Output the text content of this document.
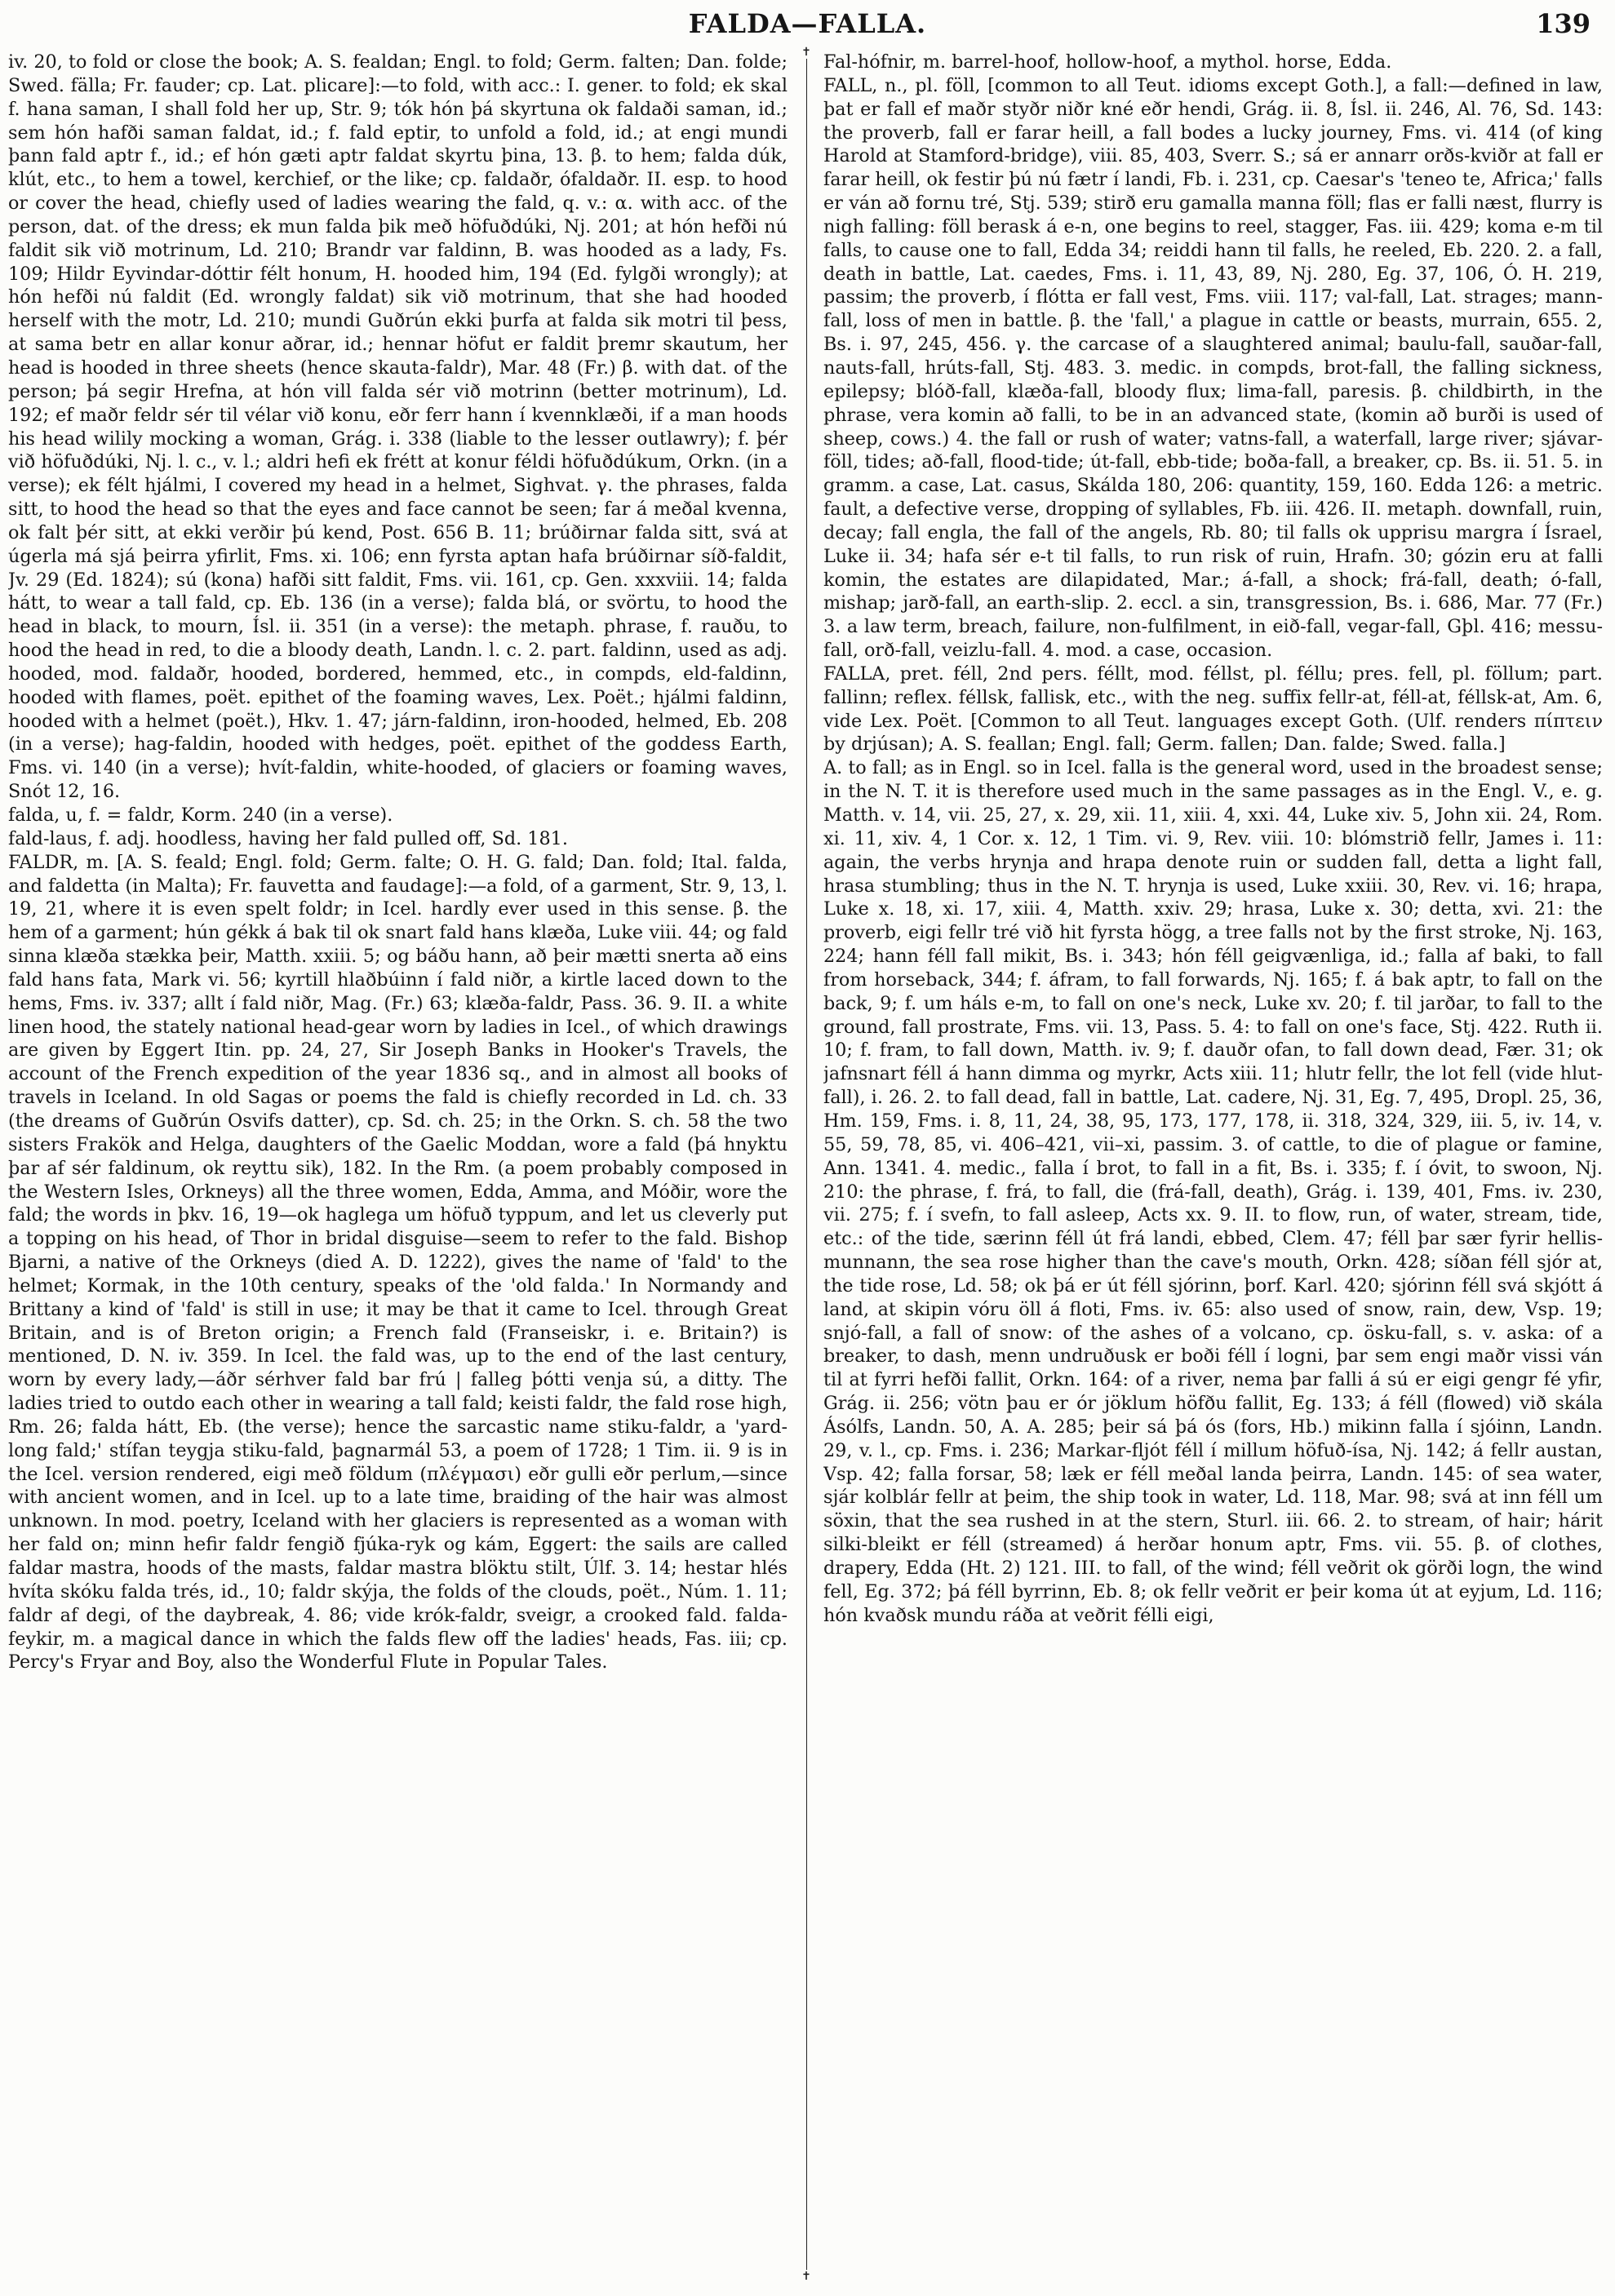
FALDA—FALLA.	139

iv. 20, to fold or close the book; A. S. fealdan; Engl. to fold; Germ. falten; Dan. folde; Swed. fälla; Fr. fauder; cp. Lat. plicare]:—to fold, with acc.: I. gener. to fold; ek skal f. hana saman, I shall fold her up, Str. 9; tók hón þá skyrtuna ok faldaði saman, id.; sem hón hafði saman faldat, id.; f. fald eptir, to unfold a fold, id.; at engi mundi þann fald aptr f., id.; ef hón gæti aptr faldat skyrtu þina, 13. β. to hem; falda dúk, klút, etc., to hem a towel, kerchief, or the like; cp. faldaðr, ófaldaðr. II. esp. to hood or cover the head, chiefly used of ladies wearing the fald, q. v.: α. with acc. of the person, dat. of the dress; ek mun falda þik með höfuðdúki, Nj. 201; at hón hefði nú faldit sik við motrinum, Ld. 210; Brandr var faldinn, B. was hooded as a lady, Fs. 109; Hildr Eyvindar-dóttir félt honum, H. hooded him, 194 (Ed. fylgði wrongly); at hón hefði nú faldit (Ed. wrongly faldat) sik við motrinum, that she had hooded herself with the motr, Ld. 210; mundi Guðrún ekki þurfa at falda sik motri til þess, at sama betr en allar konur aðrar, id.; hennar höfut er faldit þremr skautum, her head is hooded in three sheets (hence skauta-faldr), Mar. 48 (Fr.) β. with dat. of the person; þá segir Hrefna, at hón vill falda sér við motrinn (better motrinum), Ld. 192; ef maðr feldr sér til vélar við konu, eðr ferr hann í kvennklæði, if a man hoods his head wilily mocking a woman, Grág. i. 338 (liable to the lesser outlawry); f. þér við höfuðdúki, Nj. l. c., v. l.; aldri hefi ek frétt at konur féldi höfuðdúkum, Orkn. (in a verse); ek félt hjálmi, I covered my head in a helmet, Sighvat. γ. the phrases, falda sitt, to hood the head so that the eyes and face cannot be seen; far á meðal kvenna, ok falt þér sitt, at ekki verðir þú kend, Post. 656 B. 11; brúðirnar falda sitt, svá at úgerla má sjá þeirra yfirlit, Fms. xi. 106; enn fyrsta aptan hafa brúðirnar síð-faldit, Jv. 29 (Ed. 1824); sú (kona) hafði sitt faldit, Fms. vii. 161, cp. Gen. xxxviii. 14; falda hátt, to wear a tall fald, cp. Eb. 136 (in a verse); falda blá, or svörtu, to hood the head in black, to mourn, Ísl. ii. 351 (in a verse): the metaph. phrase, f. rauðu, to hood the head in red, to die a bloody death, Landn. l. c. 2. part. faldinn, used as adj. hooded, mod. faldaðr, hooded, bordered, hemmed, etc., in compds, eld-faldinn, hooded with flames, poët. epithet of the foaming waves, Lex. Poët.; hjálmi faldinn, hooded with a helmet (poët.), Hkv. 1. 47; járn-faldinn, iron-hooded, helmed, Eb. 208 (in a verse); hag-faldin, hooded with hedges, poët. epithet of the goddess Earth, Fms. vi. 140 (in a verse); hvít-faldin, white-hooded, of glaciers or foaming waves, Snót 12, 16.

falda, u, f. = faldr, Korm. 240 (in a verse).

fald-laus, f. adj. hoodless, having her fald pulled off, Sd. 181.

FALDR, m. [A. S. feald; Engl. fold; Germ. falte; O. H. G. fald; Dan. fold; Ital. falda, and faldetta (in Malta); Fr. fauvetta and faudage]:—a fold, of a garment, Str. 9, 13, l. 19, 21, where it is even spelt foldr; in Icel. hardly ever used in this sense. β. the hem of a garment; hún gékk á bak til ok snart fald hans klæða, Luke viii. 44; og fald sinna klæða stækka þeir, Matth. xxiii. 5; og báðu hann, að þeir mætti snerta að eins fald hans fata, Mark vi. 56; kyrtill hlaðbúinn í fald niðr, a kirtle laced down to the hems, Fms. iv. 337; allt í fald niðr, Mag. (Fr.) 63; klæða-faldr, Pass. 36. 9. II. a white linen hood, the stately national head-gear worn by ladies in Icel., of which drawings are given by Eggert Itin. pp. 24, 27, Sir Joseph Banks in Hooker's Travels, the account of the French expedition of the year 1836 sq., and in almost all books of travels in Iceland. In old Sagas or poems the fald is chiefly recorded in Ld. ch. 33 (the dreams of Guðrún Osvifs datter), cp. Sd. ch. 25; in the Orkn. S. ch. 58 the two sisters Frakök and Helga, daughters of the Gaelic Moddan, wore a fald (þá hnyktu þar af sér faldinum, ok reyttu sik), 182. In the Rm. (a poem probably composed in the Western Isles, Orkneys) all the three women, Edda, Amma, and Móðir, wore the fald; the words in þkv. 16, 19—ok haglega um höfuð typpum, and let us cleverly put a topping on his head, of Thor in bridal disguise—seem to refer to the fald. Bishop Bjarni, a native of the Orkneys (died A. D. 1222), gives the name of 'fald' to the helmet; Kormak, in the 10th century, speaks of the 'old falda.' In Normandy and Brittany a kind of 'fald' is still in use; it may be that it came to Icel. through Great Britain, and is of Breton origin; a French fald (Franseiskr, i. e. Britain?) is mentioned, D. N. iv. 359. In Icel. the fald was, up to the end of the last century, worn by every lady,—áðr sérhver fald bar frú | falleg þótti venja sú, a ditty. The ladies tried to outdo each other in wearing a tall fald; keisti faldr, the fald rose high, Rm. 26; falda hátt, Eb. (the verse); hence the sarcastic name stiku-faldr, a 'yard-long fald;' stífan teygja stiku-fald, þagnarmál 53, a poem of 1728; 1 Tim. ii. 9 is in the Icel. version rendered, eigi með földum (πλέγμασι) eðr gulli eðr perlum,—since with ancient women, and in Icel. up to a late time, braiding of the hair was almost unknown. In mod. poetry, Iceland with her glaciers is represented as a woman with her fald on; minn hefir faldr fengið fjúka-ryk og kám, Eggert: the sails are called faldar mastra, hoods of the masts, faldar mastra blöktu stilt, Úlf. 3. 14; hestar hlés hvíta skóku falda trés, id., 10; faldr skýja, the folds of the clouds, poët., Núm. 1. 11; faldr af degi, of the daybreak, 4. 86; vide krók-faldr, sveigr, a crooked fald. falda-feykir, m. a magical dance in which the falds flew off the ladies' heads, Fas. iii; cp. Percy's Fryar and Boy, also the Wonderful Flute in Popular Tales.

✝
✝

Fal-hófnir, m. barrel-hoof, hollow-hoof, a mythol. horse, Edda.

FALL, n., pl. föll, [common to all Teut. idioms except Goth.], a fall:—defined in law, þat er fall ef maðr styðr niðr kné eðr hendi, Grág. ii. 8, Ísl. ii. 246, Al. 76, Sd. 143: the proverb, fall er farar heill, a fall bodes a lucky journey, Fms. vi. 414 (of king Harold at Stamford-bridge), viii. 85, 403, Sverr. S.; sá er annarr orðs-kviðr at fall er farar heill, ok festir þú nú fætr í landi, Fb. i. 231, cp. Caesar's 'teneo te, Africa;' falls er ván að fornu tré, Stj. 539; stirð eru gamalla manna föll; flas er falli næst, flurry is nigh falling: föll berask á e-n, one begins to reel, stagger, Fas. iii. 429; koma e-m til falls, to cause one to fall, Edda 34; reiddi hann til falls, he reeled, Eb. 220. 2. a fall, death in battle, Lat. caedes, Fms. i. 11, 43, 89, Nj. 280, Eg. 37, 106, Ó. H. 219, passim; the proverb, í flótta er fall vest, Fms. viii. 117; val-fall, Lat. strages; mann-fall, loss of men in battle. β. the 'fall,' a plague in cattle or beasts, murrain, 655. 2, Bs. i. 97, 245, 456. γ. the carcase of a slaughtered animal; baulu-fall, sauðar-fall, nauts-fall, hrúts-fall, Stj. 483. 3. medic. in compds, brot-fall, the falling sickness, epilepsy; blóð-fall, klæða-fall, bloody flux; lima-fall, paresis. β. childbirth, in the phrase, vera komin að falli, to be in an advanced state, (komin að burði is used of sheep, cows.) 4. the fall or rush of water; vatns-fall, a waterfall, large river; sjávar-föll, tides; að-fall, flood-tide; út-fall, ebb-tide; boða-fall, a breaker, cp. Bs. ii. 51. 5. in gramm. a case, Lat. casus, Skálda 180, 206: quantity, 159, 160. Edda 126: a metric. fault, a defective verse, dropping of syllables, Fb. iii. 426. II. metaph. downfall, ruin, decay; fall engla, the fall of the angels, Rb. 80; til falls ok upprisu margra í Ísrael, Luke ii. 34; hafa sér e-t til falls, to run risk of ruin, Hrafn. 30; gózin eru at falli komin, the estates are dilapidated, Mar.; á-fall, a shock; frá-fall, death; ó-fall, mishap; jarð-fall, an earth-slip. 2. eccl. a sin, transgression, Bs. i. 686, Mar. 77 (Fr.) 3. a law term, breach, failure, non-fulfilment, in eið-fall, vegar-fall, Gþl. 416; messu-fall, orð-fall, veizlu-fall. 4. mod. a case, occasion.

FALLA, pret. féll, 2nd pers. féllt, mod. féllst, pl. féllu; pres. fell, pl. föllum; part. fallinn; reflex. féllsk, fallisk, etc., with the neg. suffix fellr-at, féll-at, féllsk-at, Am. 6, vide Lex. Poët. [Common to all Teut. languages except Goth. (Ulf. renders πίπτειν by drjúsan); A. S. feallan; Engl. fall; Germ. fallen; Dan. falde; Swed. falla.]

A. to fall; as in Engl. so in Icel. falla is the general word, used in the broadest sense; in the N. T. it is therefore used much in the same passages as in the Engl. V., e. g. Matth. v. 14, vii. 25, 27, x. 29, xii. 11, xiii. 4, xxi. 44, Luke xiv. 5, John xii. 24, Rom. xi. 11, xiv. 4, 1 Cor. x. 12, 1 Tim. vi. 9, Rev. viii. 10: blómstrið fellr, James i. 11: again, the verbs hrynja and hrapa denote ruin or sudden fall, detta a light fall, hrasa stumbling; thus in the N. T. hrynja is used, Luke xxiii. 30, Rev. vi. 16; hrapa, Luke x. 18, xi. 17, xiii. 4, Matth. xxiv. 29; hrasa, Luke x. 30; detta, xvi. 21: the proverb, eigi fellr tré við hit fyrsta högg, a tree falls not by the first stroke, Nj. 163, 224; hann féll fall mikit, Bs. i. 343; hón féll geigvænliga, id.; falla af baki, to fall from horseback, 344; f. áfram, to fall forwards, Nj. 165; f. á bak aptr, to fall on the back, 9; f. um háls e-m, to fall on one's neck, Luke xv. 20; f. til jarðar, to fall to the ground, fall prostrate, Fms. vii. 13, Pass. 5. 4: to fall on one's face, Stj. 422. Ruth ii. 10; f. fram, to fall down, Matth. iv. 9; f. dauðr ofan, to fall down dead, Fær. 31; ok jafnsnart féll á hann dimma og myrkr, Acts xiii. 11; hlutr fellr, the lot fell (vide hlut-fall), i. 26. 2. to fall dead, fall in battle, Lat. cadere, Nj. 31, Eg. 7, 495, Dropl. 25, 36, Hm. 159, Fms. i. 8, 11, 24, 38, 95, 173, 177, 178, ii. 318, 324, 329, iii. 5, iv. 14, v. 55, 59, 78, 85, vi. 406–421, vii–xi, passim. 3. of cattle, to die of plague or famine, Ann. 1341. 4. medic., falla í brot, to fall in a fit, Bs. i. 335; f. í óvit, to swoon, Nj. 210: the phrase, f. frá, to fall, die (frá-fall, death), Grág. i. 139, 401, Fms. iv. 230, vii. 275; f. í svefn, to fall asleep, Acts xx. 9. II. to flow, run, of water, stream, tide, etc.: of the tide, særinn féll út frá landi, ebbed, Clem. 47; féll þar sær fyrir hellis-munnann, the sea rose higher than the cave's mouth, Orkn. 428; síðan féll sjór at, the tide rose, Ld. 58; ok þá er út féll sjórinn, þorf. Karl. 420; sjórinn féll svá skjótt á land, at skipin vóru öll á floti, Fms. iv. 65: also used of snow, rain, dew, Vsp. 19; snjó-fall, a fall of snow: of the ashes of a volcano, cp. ösku-fall, s. v. aska: of a breaker, to dash, menn undruðusk er boði féll í logni, þar sem engi maðr vissi ván til at fyrri hefði fallit, Orkn. 164: of a river, nema þar falli á sú er eigi gengr fé yfir, Grág. ii. 256; vötn þau er ór jöklum höfðu fallit, Eg. 133; á féll (flowed) við skála Ásólfs, Landn. 50, A. A. 285; þeir sá þá ós (fors, Hb.) mikinn falla í sjóinn, Landn. 29, v. l., cp. Fms. i. 236; Markar-fljót féll í millum höfuð-ísa, Nj. 142; á fellr austan, Vsp. 42; falla forsar, 58; læk er féll meðal landa þeirra, Landn. 145: of sea water, sjár kolblár fellr at þeim, the ship took in water, Ld. 118, Mar. 98; svá at inn féll um söxin, that the sea rushed in at the stern, Sturl. iii. 66. 2. to stream, of hair; hárit silki-bleikt er féll (streamed) á herðar honum aptr, Fms. vii. 55. β. of clothes, drapery, Edda (Ht. 2) 121. III. to fall, of the wind; féll veðrit ok görði logn, the wind fell, Eg. 372; þá féll byrrinn, Eb. 8; ok fellr veðrit er þeir koma út at eyjum, Ld. 116; hón kvaðsk mundu ráða at veðrit félli eigi,
